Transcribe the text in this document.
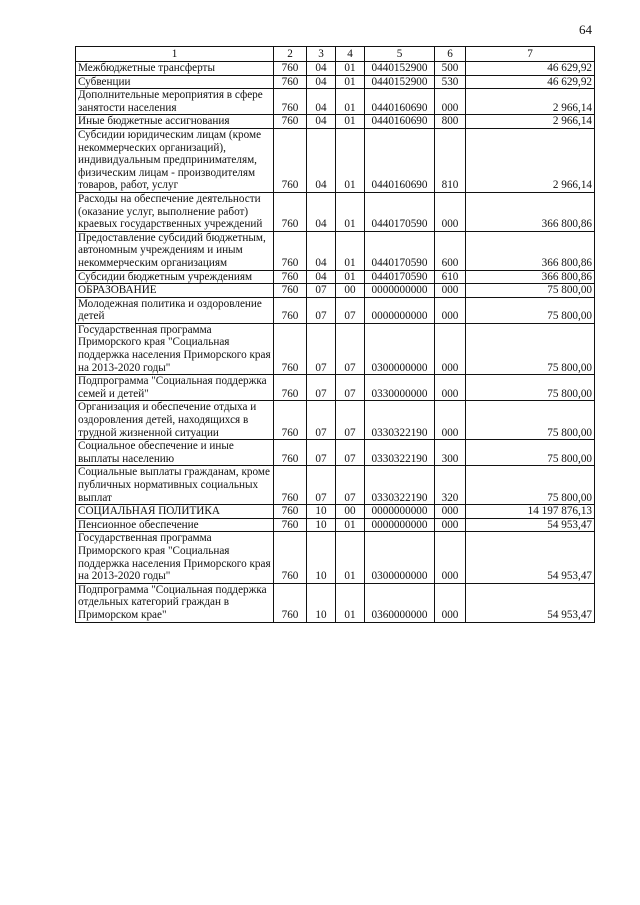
64
1	2	3	4	5	6	7
Межбюджетные трансферты	760	04	01	0440152900	500	46 629,92
Субвенции	760	04	01	0440152900	530	46 629,92
Дополнительные мероприятия в сфере занятости населения	760	04	01	0440160690	000	2 966,14
Иные бюджетные ассигнования	760	04	01	0440160690	800	2 966,14
Субсидии юридическим лицам (кроме некоммерческих организаций), индивидуальным предпринимателям, физическим лицам - производителям товаров, работ, услуг	760	04	01	0440160690	810	2 966,14
Расходы на обеспечение деятельности (оказание услуг, выполнение работ) краевых государственных учреждений	760	04	01	0440170590	000	366 800,86
Предоставление субсидий бюджетным, автономным учреждениям и иным некоммерческим организациям	760	04	01	0440170590	600	366 800,86
Субсидии бюджетным учреждениям	760	04	01	0440170590	610	366 800,86
ОБРАЗОВАНИЕ	760	07	00	0000000000	000	75 800,00
Молодежная политика и оздоровление детей	760	07	07	0000000000	000	75 800,00
Государственная программа Приморского края "Социальная поддержка населения Приморского края на 2013-2020 годы"	760	07	07	0300000000	000	75 800,00
Подпрограмма "Социальная поддержка семей и детей"	760	07	07	0330000000	000	75 800,00
Организация и обеспечение отдыха и оздоровления детей, находящихся в трудной жизненной ситуации	760	07	07	0330322190	000	75 800,00
Социальное обеспечение и иные выплаты населению	760	07	07	0330322190	300	75 800,00
Социальные выплаты гражданам, кроме публичных нормативных социальных выплат	760	07	07	0330322190	320	75 800,00
СОЦИАЛЬНАЯ ПОЛИТИКА	760	10	00	0000000000	000	14 197 876,13
Пенсионное обеспечение	760	10	01	0000000000	000	54 953,47
Государственная программа Приморского края "Социальная поддержка населения Приморского края на 2013-2020 годы"	760	10	01	0300000000	000	54 953,47
Подпрограмма "Социальная поддержка отдельных категорий граждан в Приморском крае"	760	10	01	0360000000	000	54 953,47
